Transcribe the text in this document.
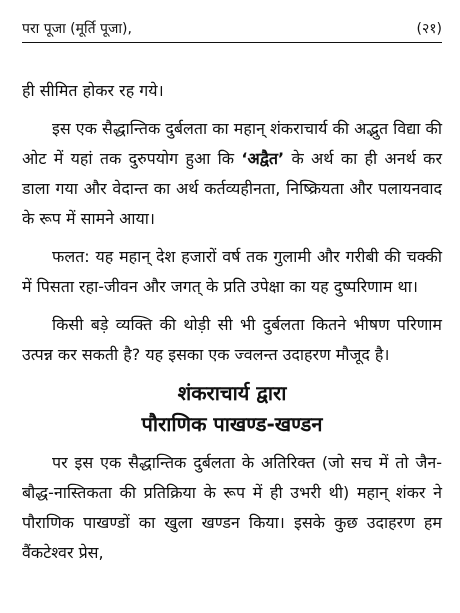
परा पूजा (मूर्ति पूजा),	(२१)

ही सीमित होकर रह गये।

इस एक सैद्धान्तिक दुर्बलता का महान् शंकराचार्य की अद्भुत विद्या की ओट में यहां तक दुरुपयोग हुआ कि ‘अद्वैत’ के अर्थ का ही अनर्थ कर डाला गया और वेदान्त का अर्थ कर्तव्यहीनता, निष्क्रियता और पलायनवाद के रूप में सामने आया।

फलत: यह महान् देश हजारों वर्ष तक गुलामी और गरीबी की चक्की में पिसता रहा-जीवन और जगत् के प्रति उपेक्षा का यह दुष्परिणाम था।

किसी बड़े व्यक्ति की थोड़ी सी भी दुर्बलता कितने भीषण परिणाम उत्पन्न कर सकती है? यह इसका एक ज्वलन्त उदाहरण मौजूद है।

शंकराचार्य द्वारा
पौराणिक पाखण्ड-खण्डन

पर इस एक सैद्धान्तिक दुर्बलता के अतिरिक्त (जो सच में तो जैन-बौद्ध-नास्तिकता की प्रतिक्रिया के रूप में ही उभरी थी) महान् शंकर ने पौराणिक पाखण्डों का खुला खण्डन किया। इसके कुछ उदाहरण हम वैंकटेश्वर प्रेस,
